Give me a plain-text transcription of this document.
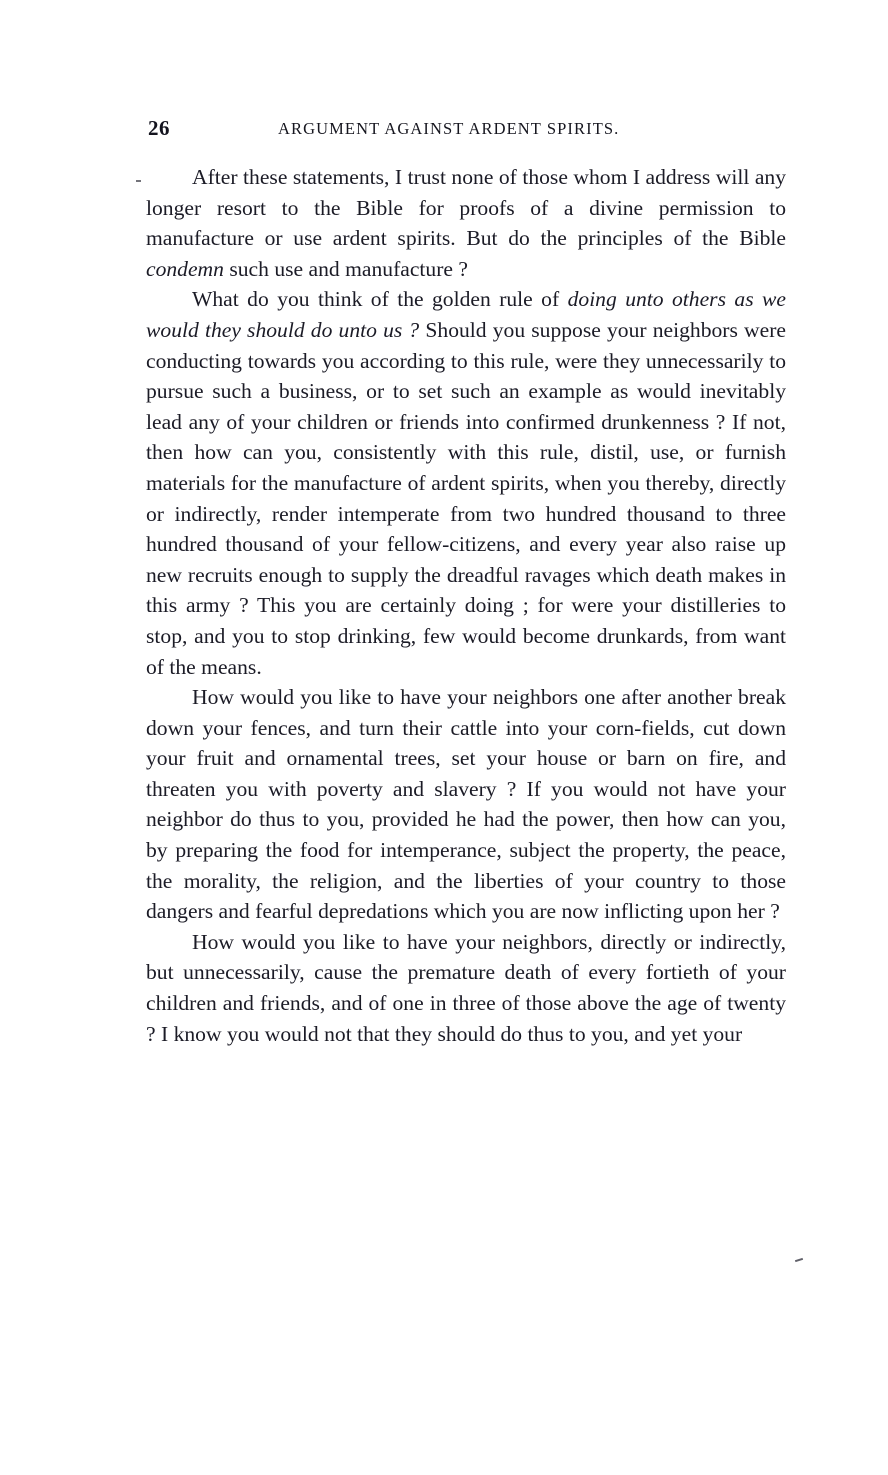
26	ARGUMENT AGAINST ARDENT SPIRITS.

After these statements, I trust none of those whom I address will any longer resort to the Bible for proofs of a divine permission to manufacture or use ardent spirits. But do the principles of the Bible condemn such use and manufacture ?

What do you think of the golden rule of doing unto others as we would they should do unto us ? Should you suppose your neighbors were conducting towards you according to this rule, were they unnecessarily to pursue such a business, or to set such an example as would inevitably lead any of your children or friends into confirmed drunkenness ? If not, then how can you, consistently with this rule, distil, use, or furnish materials for the manufacture of ardent spirits, when you thereby, directly or indirectly, render intemperate from two hundred thousand to three hundred thousand of your fellow-citizens, and every year also raise up new recruits enough to supply the dreadful ravages which death makes in this army ? This you are certainly doing ; for were your distilleries to stop, and you to stop drinking, few would become drunkards, from want of the means.

How would you like to have your neighbors one after another break down your fences, and turn their cattle into your corn-fields, cut down your fruit and ornamental trees, set your house or barn on fire, and threaten you with poverty and slavery ? If you would not have your neighbor do thus to you, provided he had the power, then how can you, by preparing the food for intemperance, subject the property, the peace, the morality, the religion, and the liberties of your country to those dangers and fearful depredations which you are now inflicting upon her ?

How would you like to have your neighbors, directly or indirectly, but unnecessarily, cause the premature death of every fortieth of your children and friends, and of one in three of those above the age of twenty ? I know you would not that they should do thus to you, and yet your
